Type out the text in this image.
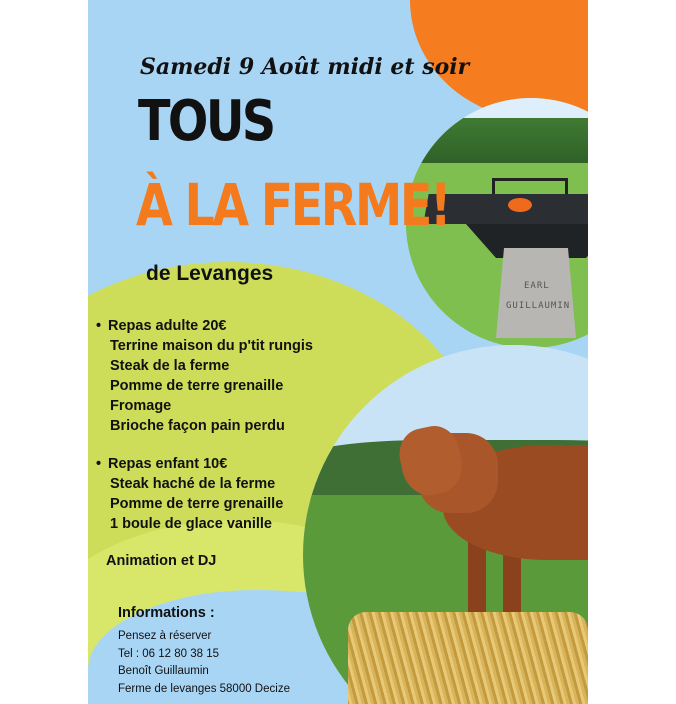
EARL
GUILLAUMIN
Samedi 9 Août midi et soir
TOUS
À LA FERME!
de Levanges
• Repas adulte 20€
Terrine maison du p'tit rungis
Steak de la ferme
Pomme de terre grenaille
Fromage
Brioche façon pain perdu
• Repas enfant 10€
Steak haché de la ferme
Pomme de terre grenaille
1 boule de glace vanille
Animation et DJ
Informations :
Pensez à réserver
Tel : 06 12 80 38 15
Benoît Guillaumin
Ferme de levanges 58000 Decize
